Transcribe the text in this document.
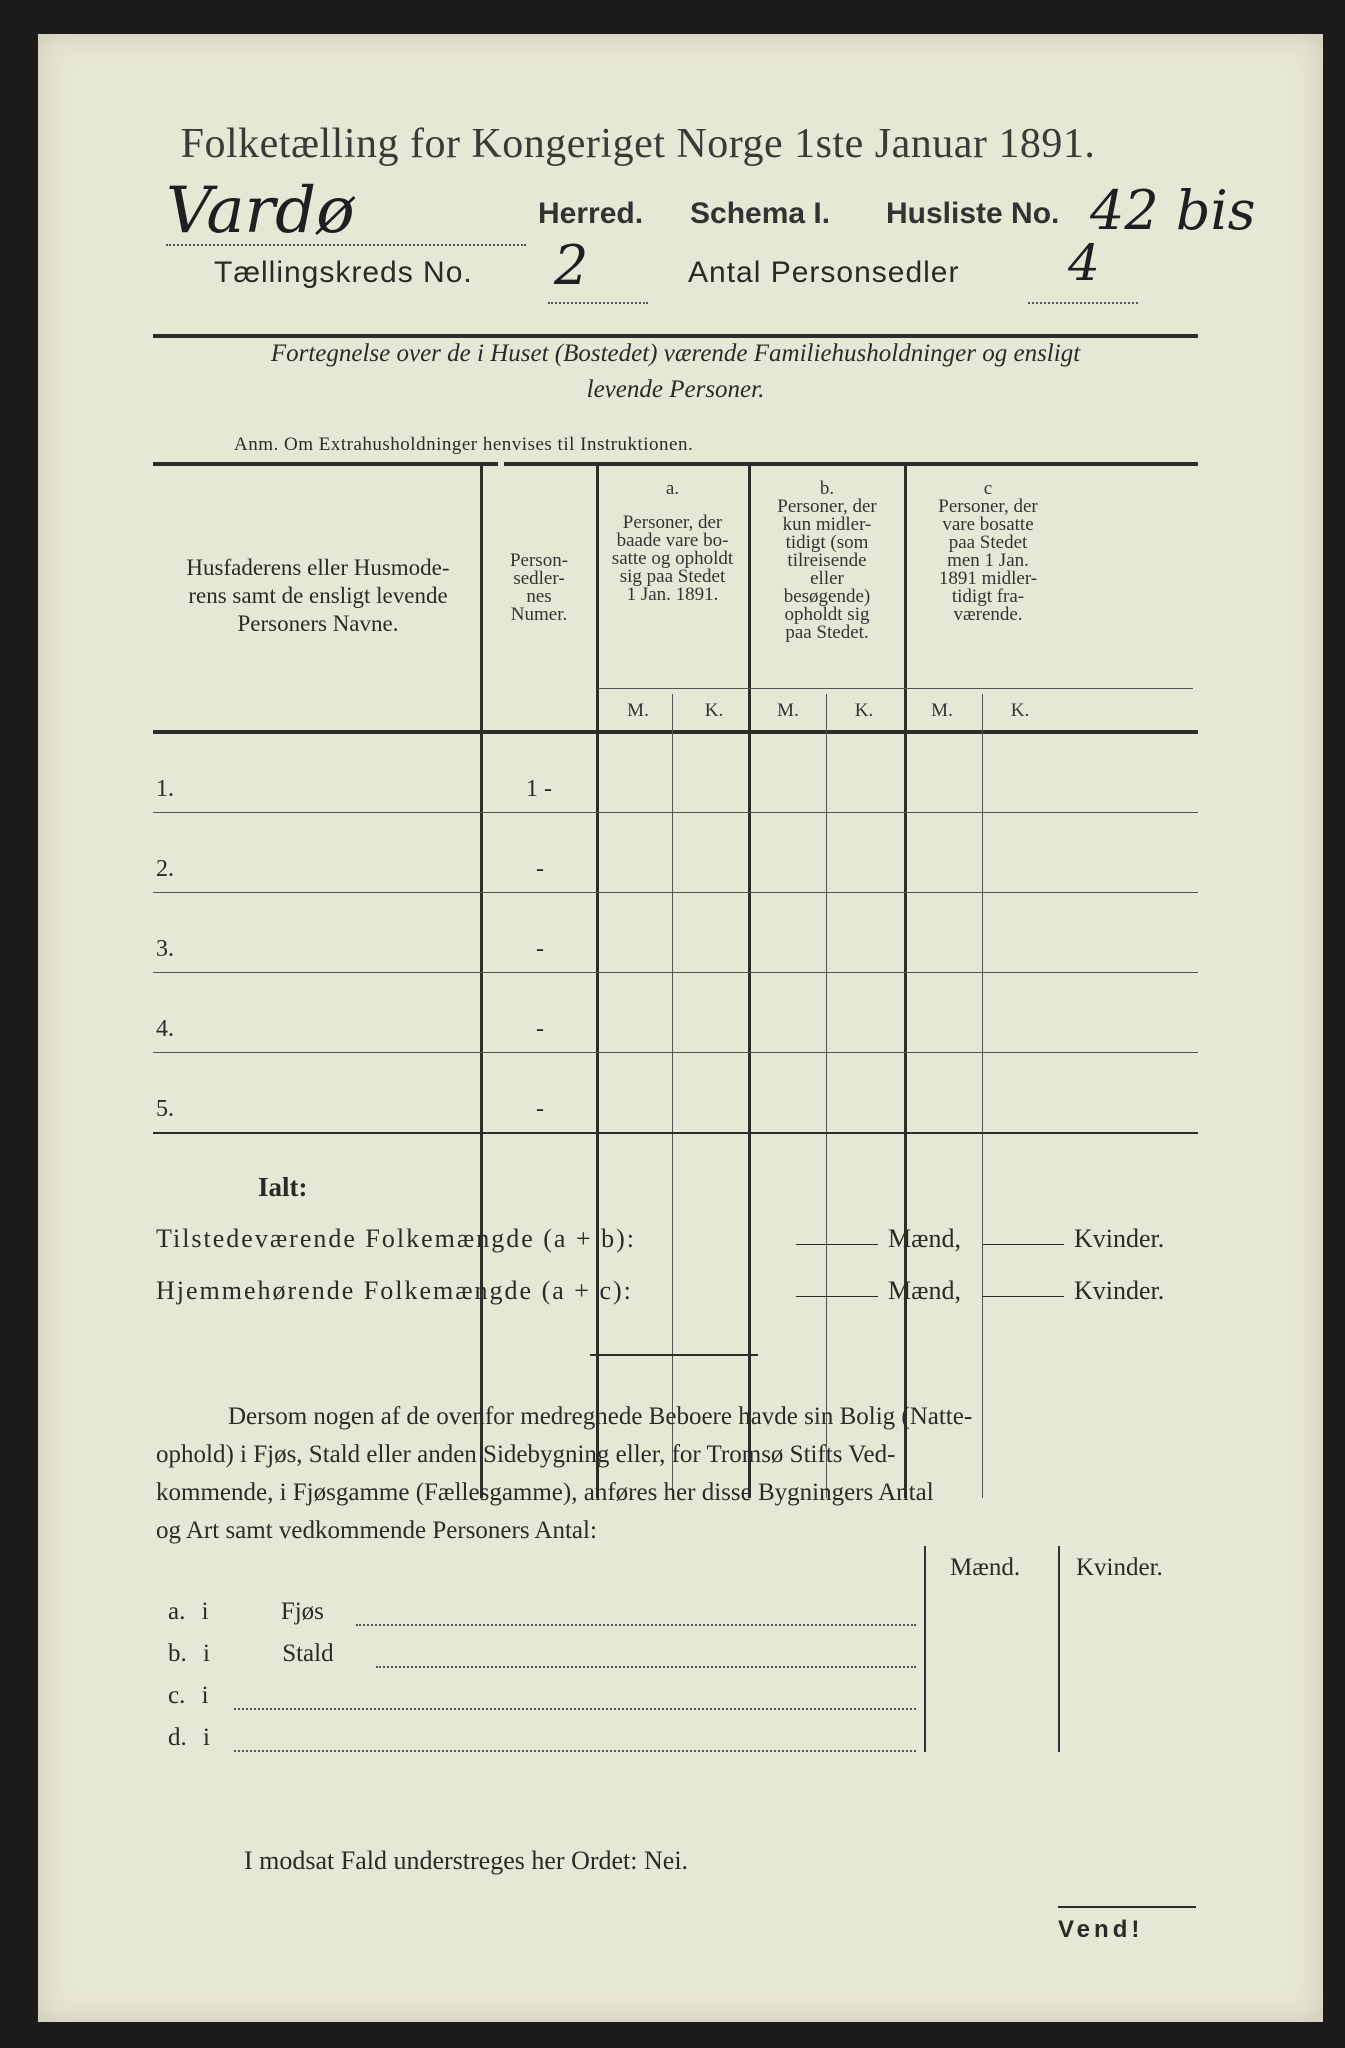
Folketælling for Kongeriget Norge 1ste Januar 1891.
Vardø	Herred. Schema I. Husliste No. 42 bis
Tællingskreds No. 2	Antal Personsedler 4
Fortegnelse over de i Huset (Bostedet) værende Familiehusholdninger og ensligt
levende Personer.
Anm. Om Extrahusholdninger henvises til Instruktionen.
Husfaderens eller Husmode-
rens samt de ensligt levende
Personers Navne.
Person-
sedler-
nes
Numer.
a.
Personer, der
baade vare bo-
satte og opholdt
sig paa Stedet
1 Jan. 1891.
b.
Personer, der
kun midler-
tidigt (som
tilreisende
eller
besøgende)
opholdt sig
paa Stedet.
c
Personer, der
vare bosatte
paa Stedet
men 1 Jan.
1891 midler-
tidigt fra-
værende.
M.	K.	M.	K.	M.	K.
1.	1 -
2.	-
3.	-
4.	-
5.	-
Ialt:
Tilstedeværende Folkemængde (a + b):	Mænd,	Kvinder.
Hjemmehørende Folkemængde (a + c):	Mænd,	Kvinder.
Dersom nogen af de ovenfor medregnede Beboere havde sin Bolig (Natte-
ophold) i Fjøs, Stald eller anden Sidebygning eller, for Tromsø Stifts Ved-
kommende, i Fjøsgamme (Fællesgamme), anføres her disse Bygningers Antal
og Art samt vedkommende Personers Antal:
Mænd. Kvinder.
a. i	Fjøs
b. i	Stald
c. i
d. i
I modsat Fald understreges her Ordet: Nei.
Vend!
